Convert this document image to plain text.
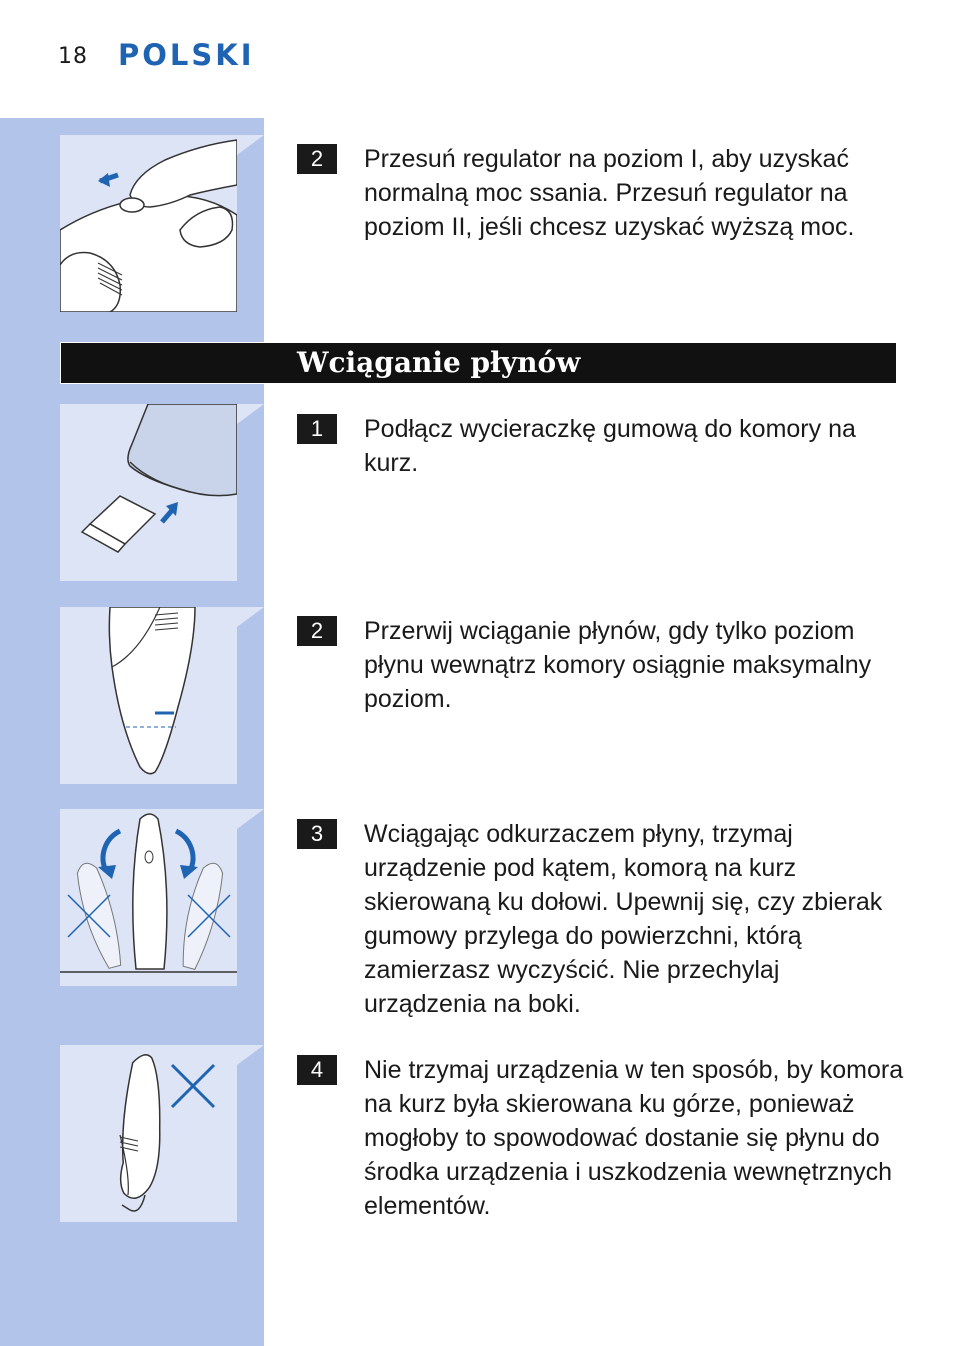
18 POLSKI
2	Przesuń regulator na poziom I, aby uzyskać normalną moc ssania. Przesuń regulator na poziom II, jeśli chcesz uzyskać wyższą moc.
Wciąganie płynów
1	Podłącz wycieraczkę gumową do komory na kurz.
2	Przerwij wciąganie płynów, gdy tylko poziom płynu wewnątrz komory osiągnie maksymalny poziom.
3	Wciągając odkurzaczem płyny, trzymaj urządzenie pod kątem, komorą na kurz skierowaną ku dołowi. Upewnij się, czy zbierak gumowy przylega do powierzchni, którą zamierzasz wyczyścić. Nie przechylaj urządzenia na boki.
4	Nie trzymaj urządzenia w ten sposób, by komora na kurz była skierowana ku górze, ponieważ mogłoby to spowodować dostanie się płynu do środka urządzenia i uszkodzenia wewnętrznych elementów.
